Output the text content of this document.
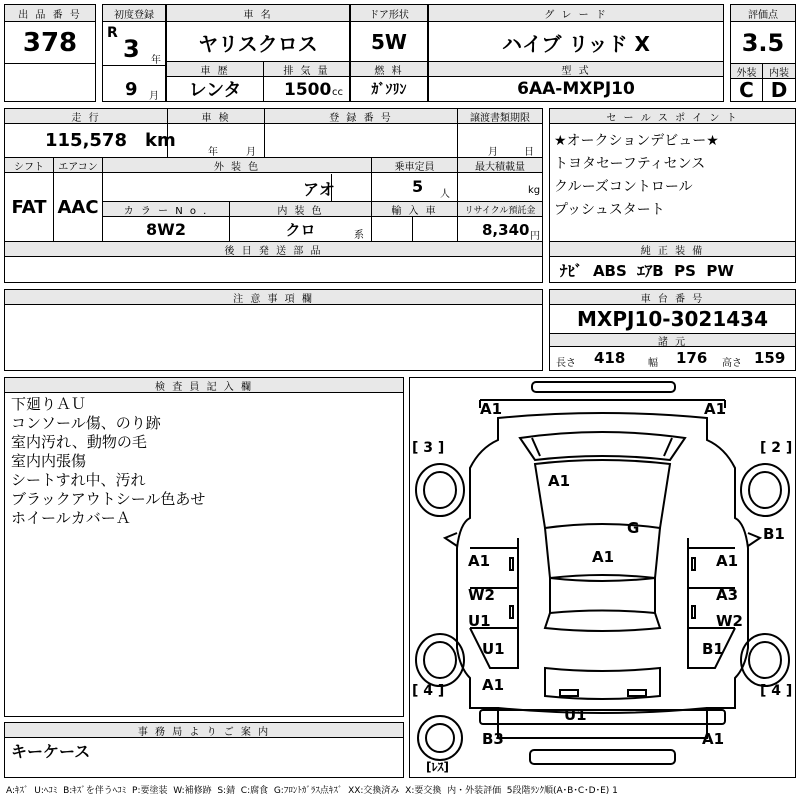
出 品 番 号
378
初度登録
R
3 年
9 月
車 名
ヤリスクロス
ドア形状
5W
グ レ ー ド
ハイブ リッド X
評価点
3.5
外装	内装
C D
車 歴
レンタ
排 気 量
1500 cc
燃 料
ｶﾞｿﾘﾝ
型 式
6AA-MXPJ10
走 行
115,578 km
車 検
年	月
登 録 番 号	譲渡書類期限
月	日
セ ー ル ス ポ イ ン ト
★オークションデビュー★
トヨタセーフティセンス
クルーズコントロール
プッシュスタート
シフト
FAT
エアコン
AAC
外 装 色
アオ
乗車定員
5 人
最大積載量
kg
カ ラ ー N o .
8W2
内 装 色
クロ	系
輸 入 車	リサイクル預託金
8,340 円
後 日 発 送 部 品	純 正 装 備
ﾅﾋﾞ  ABS  ｴｱB  PS  PW
注 意 事 項 欄	車 台 番 号
MXPJ10-3021434
諸 元
長さ 418 幅 176 高さ 159
検 査 員 記 入 欄
下廻りＡＵ
コンソール傷、のり跡
室内汚れ、動物の毛
室内内張傷
シートすれ中、汚れ
ブラックアウトシール色あせ
ホイールカバーＡ
事 務 局 よ り ご 案 内
キーケース
[ 3 ]	[ 2 ]
[ 4 ]	[ 4 ]
[ﾚｽ]
A1	A1
A1
G
A1
A1	A1
B1
W2
U1
A3
W2
U1	B1
A1
U1
B3	A1
A:ｷｽﾞ  U:ﾍｺﾐ  B:ｷｽﾞを伴うﾍｺﾐ  P:要塗装  W:補修跡  S:錆  C:腐食  G:ﾌﾛﾝﾄｶﾞﾗｽ点ｷｽﾞ  XX:交換済み  X:要交換  内・外装評価  5段階ﾗﾝｸ順(A･B･C･D･E) 1
